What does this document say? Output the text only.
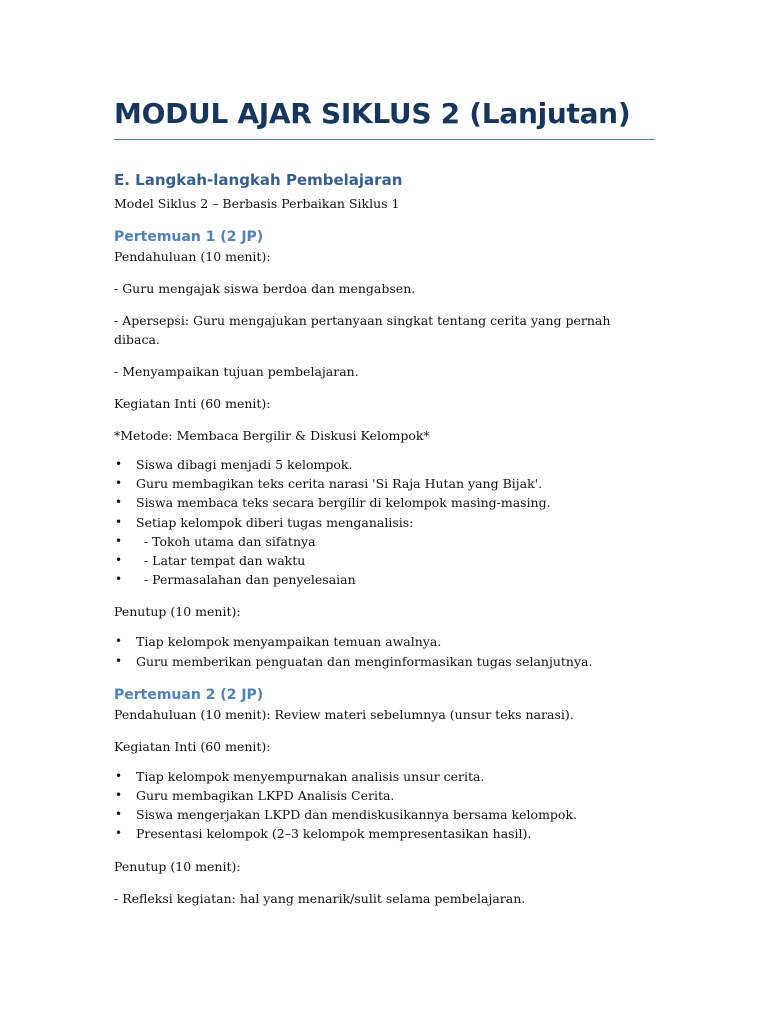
MODUL AJAR SIKLUS 2 (Lanjutan)
E. Langkah-langkah Pembelajaran

Model Siklus 2 – Berbasis Perbaikan Siklus 1

Pertemuan 1 (2 JP)

Pendahuluan (10 menit):

- Guru mengajak siswa berdoa dan mengabsen.

- Apersepsi: Guru mengajukan pertanyaan singkat tentang cerita yang pernah dibaca.

- Menyampaikan tujuan pembelajaran.

Kegiatan Inti (60 menit):

*Metode: Membaca Bergilir & Diskusi Kelompok*

• Siswa dibagi menjadi 5 kelompok.
• Guru membagikan teks cerita narasi 'Si Raja Hutan yang Bijak'.
• Siswa membaca teks secara bergilir di kelompok masing-masing.
• Setiap kelompok diberi tugas menganalisis:
• - Tokoh utama dan sifatnya
• - Latar tempat dan waktu
• - Permasalahan dan penyelesaian

Penutup (10 menit):

• Tiap kelompok menyampaikan temuan awalnya.
• Guru memberikan penguatan dan menginformasikan tugas selanjutnya.
Pertemuan 2 (2 JP)

Pendahuluan (10 menit): Review materi sebelumnya (unsur teks narasi).

Kegiatan Inti (60 menit):

• Tiap kelompok menyempurnakan analisis unsur cerita.
• Guru membagikan LKPD Analisis Cerita.
• Siswa mengerjakan LKPD dan mendiskusikannya bersama kelompok.
• Presentasi kelompok (2–3 kelompok mempresentasikan hasil).

Penutup (10 menit):

- Refleksi kegiatan: hal yang menarik/sulit selama pembelajaran.
